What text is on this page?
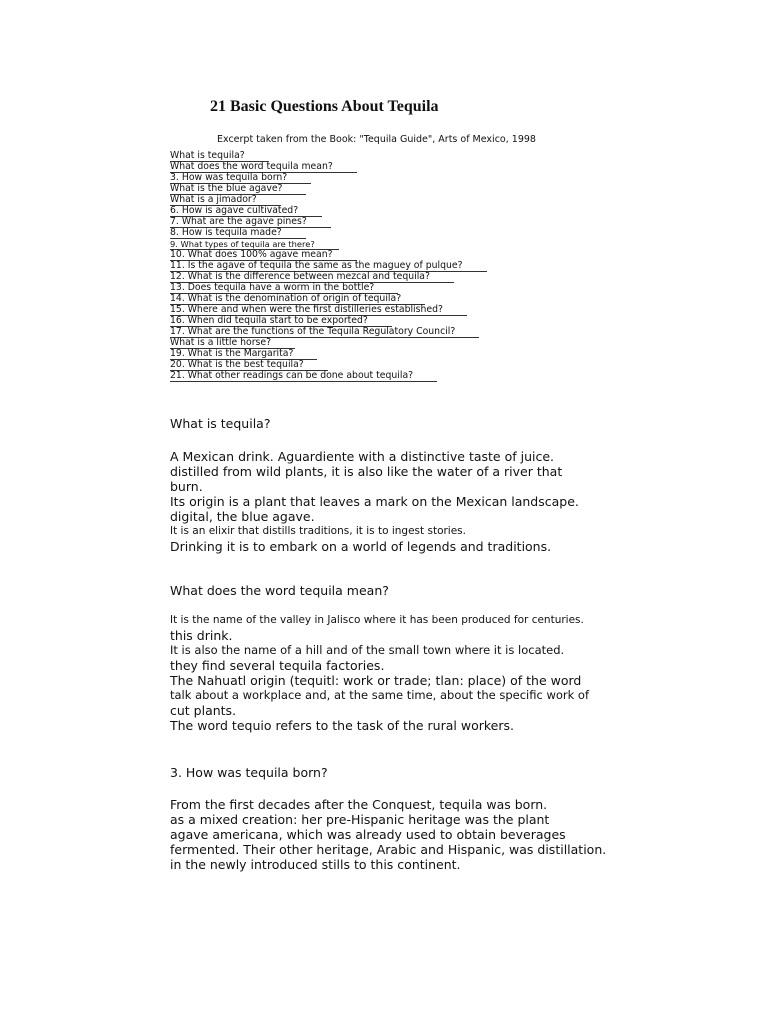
21 Basic Questions About Tequila

Excerpt taken from the Book: "Tequila Guide", Arts of Mexico, 1998

What is tequila?
What does the word tequila mean?
3. How was tequila born?
What is the blue agave?
What is a jimador?
6. How is agave cultivated?
7. What are the agave pines?
8. How is tequila made?
9. What types of tequila are there?
10. What does 100% agave mean?
11. Is the agave of tequila the same as the maguey of pulque?
12. What is the difference between mezcal and tequila?
13. Does tequila have a worm in the bottle?
14. What is the denomination of origin of tequila?
15. Where and when were the first distilleries established?
16. When did tequila start to be exported?
17. What are the functions of the Tequila Regulatory Council?
What is a little horse?
19. What is the Margarita?
20. What is the best tequila?
21. What other readings can be done about tequila?
What is tequila?

A Mexican drink. Aguardiente with a distinctive taste of juice.
distilled from wild plants, it is also like the water of a river that
burn.
Its origin is a plant that leaves a mark on the Mexican landscape.
digital, the blue agave.
It is an elixir that distills traditions, it is to ingest stories.
Drinking it is to embark on a world of legends and traditions.

What does the word tequila mean?

It is the name of the valley in Jalisco where it has been produced for centuries.
this drink.
It is also the name of a hill and of the small town where it is located.
they find several tequila factories.
The Nahuatl origin (tequitl: work or trade; tlan: place) of the word
talk about a workplace and, at the same time, about the specific work of
cut plants.
The word tequio refers to the task of the rural workers.

3. How was tequila born?

From the first decades after the Conquest, tequila was born.
as a mixed creation: her pre-Hispanic heritage was the plant
agave americana, which was already used to obtain beverages
fermented. Their other heritage, Arabic and Hispanic, was distillation.
in the newly introduced stills to this continent.
